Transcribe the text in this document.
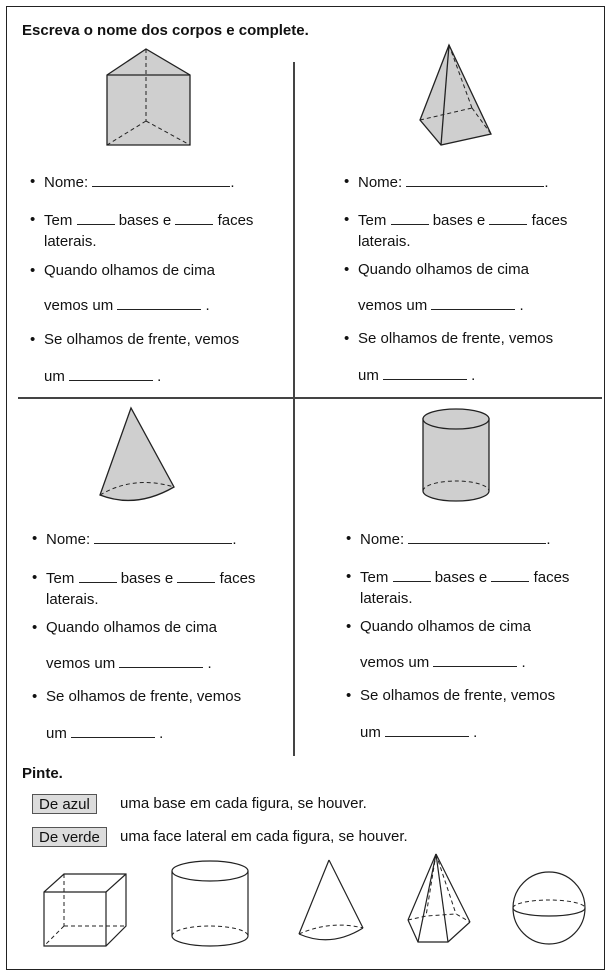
Escreva o nome dos corpos e complete.
• Nome:	.
• Tem	bases e	faces
laterais.
• Quando olhamos de cima
vemos um	.
• Se olhamos de frente, vemos
um	.
• Nome:	.
• Tem	bases e	faces
laterais.
• Quando olhamos de cima
vemos um	.
• Se olhamos de frente, vemos
um	.
• Nome:	.
• Tem	bases e	faces
laterais.
• Quando olhamos de cima
vemos um	.
• Se olhamos de frente, vemos
um	.
• Nome:	.
• Tem	bases e	faces
laterais.
• Quando olhamos de cima
vemos um	.
• Se olhamos de frente, vemos
um	.
Pinte.
De azul	uma base em cada figura, se houver.
De verde	uma face lateral em cada figura, se houver.
